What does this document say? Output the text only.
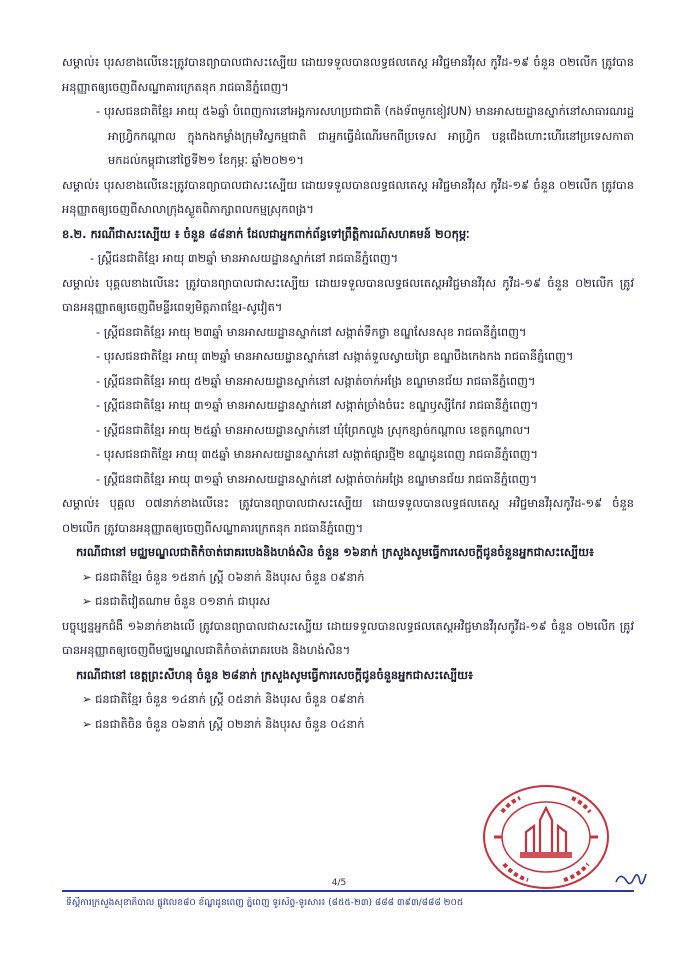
សម្គាល់៖ បុរសខាងលើនេះត្រូវបានព្យាបាលជាសះស្បើយ ដោយទទួលបានលទ្ធផលតេស្ត អវិជ្ជមានវីរុស កូវីដ-១៩ ចំនួន ០២លើក ត្រូវបានអនុញ្ញាតឲ្យចេញពីសណ្ឋាគារក្រេតនុក រាជធានីភ្នំពេញ។

- បុរសជនជាតិខ្មែរ អាយុ ៥៦ឆ្នាំ បំពេញការនៅអង្គការសហប្រជាជាតិ (កងទ័ពមួកខៀវUN) មានអាសយដ្ឋានស្នាក់នៅសាធារណរដ្ឋអាហ្វ្រិកកណ្តាល ក្នុងកងកម្លាំងក្រុមវិស្វកម្មជាតិ ជាអ្នកធ្វើដំណើរមកពីប្រទេស អាហ្វ្រិក បន្តជើងហោះហើរនៅប្រទេសកាតា មកដល់កម្ពុជានៅថ្ងៃទី២១ ខែកុម្ភៈ ឆ្នាំ២០២១។

សម្គាល់៖ បុរសខាងលើនេះត្រូវបានព្យាបាលជាសះស្បើយ ដោយទទួលបានលទ្ធផលតេស្ត អវិជ្ជមានវីរុស កូវីដ-១៩ ចំនួន ០២លើក ត្រូវបានអនុញ្ញាតឲ្យចេញពីសាលាក្រុងស្ងួតពិភាក្សាពលកម្មស្រុកពង្រ។

ខ.២. ករណីជាសះស្បើយ ៖ ចំនួន ៨៨នាក់ ដែលជាអ្នកពាក់ព័ន្ធទៅព្រឹត្តិការណ៍សហគមន៍ ២០កុម្ភៈ

- ស្ត្រីជនជាតិខ្មែរ អាយុ ៣២ឆ្នាំ មានអាសយដ្ឋានស្នាក់នៅ រាជធានីភ្នំពេញ។

សម្គាល់៖ បុគ្គលខាងលើនេះ ត្រូវបានព្យាបាលជាសះស្បើយ ដោយទទួលបានលទ្ធផលតេស្តអវិជ្ជមានវីរុស កូវីដ-១៩ ចំនួន ០២លើក ត្រូវបានអនុញ្ញាតឲ្យចេញពីមន្ទីរពេទ្យមិត្តភាពខ្មែរ-សូវៀត។

- ស្ត្រីជនជាតិខ្មែរ អាយុ ២៣ឆ្នាំ មានអាសយដ្ឋានស្នាក់នៅ សង្កាត់ទឹកថ្លា ខណ្ឌសែនសុខ រាជធានីភ្នំពេញ។

- បុរសជនជាតិខ្មែរ អាយុ ៣២ឆ្នាំ មានអាសយដ្ឋានស្នាក់នៅ សង្កាត់ទួលស្វាយព្រៃ ខណ្ឌបឹងកេងកង រាជធានីភ្នំពេញ។

- ស្ត្រីជនជាតិខ្មែរ អាយុ ៥២ឆ្នាំ មានអាសយដ្ឋានស្នាក់នៅ សង្កាត់ចាក់អង្រែ ខណ្ឌមានជ័យ រាជធានីភ្នំពេញ។

- ស្ត្រីជនជាតិខ្មែរ អាយុ ៣១ឆ្នាំ មានអាសយដ្ឋានស្នាក់នៅ សង្កាត់ច្រាំងចំរេះ ខណ្ឌឫស្សីកែវ រាជធានីភ្នំពេញ។

- ស្ត្រីជនជាតិខ្មែរ អាយុ ២៥ឆ្នាំ មានអាសយដ្ឋានស្នាក់នៅ ឃុំព្រែកលួង ស្រុកខ្សាច់កណ្តាល ខេត្តកណ្តាល។

- បុរសជនជាតិខ្មែរ អាយុ ៣៥ឆ្នាំ មានអាសយដ្ឋានស្នាក់នៅ សង្កាត់ផ្សារថ្មី២ ខណ្ឌដូនពេញ រាជធានីភ្នំពេញ។

- ស្ត្រីជនជាតិខ្មែរ អាយុ ៣១ឆ្នាំ មានអាសយដ្ឋានស្នាក់នៅ សង្កាត់ចាក់អង្រែ ខណ្ឌមានជ័យ រាជធានីភ្នំពេញ។

សម្គាល់៖ បុគ្គល ០៧នាក់ខាងលើនេះ ត្រូវបានព្យាបាលជាសះស្បើយ ដោយទទួលបានលទ្ធផលតេស្ត អវិជ្ជមានវីរុសកូវីដ-១៩ ចំនួន ០២លើក ត្រូវបានអនុញ្ញាតឲ្យចេញពីសណ្ឋាគារក្រេតនុក រាជធានីភ្នំពេញ។

ករណីជានៅ មជ្ឈមណ្ឌលជាតិកំចាត់រោគរបេងនិងហង់សិន ចំនួន ១៦នាក់ ក្រសួងសូមធ្វើការសេចក្តីជូនចំនួនអ្នកជាសះស្បើយ៖

➢ ជនជាតិខ្មែរ ចំនួន ១៥នាក់ ស្ត្រី ០៦នាក់ និងបុរស ចំនួន ០៩នាក់

➢ ជនជាតិវៀតណាម ចំនួន ០១នាក់ ជាបុរស

បច្ចុប្បន្នអ្នកជំងឺ ១៦នាក់ខាងលើ ត្រូវបានព្យាបាលជាសះស្បើយ ដោយទទួលបានលទ្ធផលតេស្តអវិជ្ជមានវីរុសកូវីដ-១៩ ចំនួន ០២លើក ត្រូវបានអនុញ្ញាតឲ្យចេញពីមជ្ឈមណ្ឌលជាតិកំចាត់រោគរបេង និងហង់សិន។

ករណីជានៅ ខេត្តព្រះសីហនុ ចំនួន ២៨នាក់ ក្រសួងសូមធ្វើការសេចក្តីជូនចំនួនអ្នកជាសះស្បើយ៖

➢ ជនជាតិខ្មែរ ចំនួន ១៤នាក់ ស្ត្រី ០៥នាក់ និងបុរស ចំនួន ០៩នាក់

➢ ជនជាតិចិន ចំនួន ០៦នាក់ ស្ត្រី ០២នាក់ និងបុរស ចំនួន ០៤នាក់

4/5
ទីស្តីការក្រសួងសុខាភិបាល ផ្លូវលេខ៨០ ខ័ណ្ឌដូនពេញ ភ្នំពេញ ទូរស័ព្ទ-ទូរសារ៖ (៨៥៥-២៣) ៨៨៨ ៣៩៣/៨៨៨ ២០៥
